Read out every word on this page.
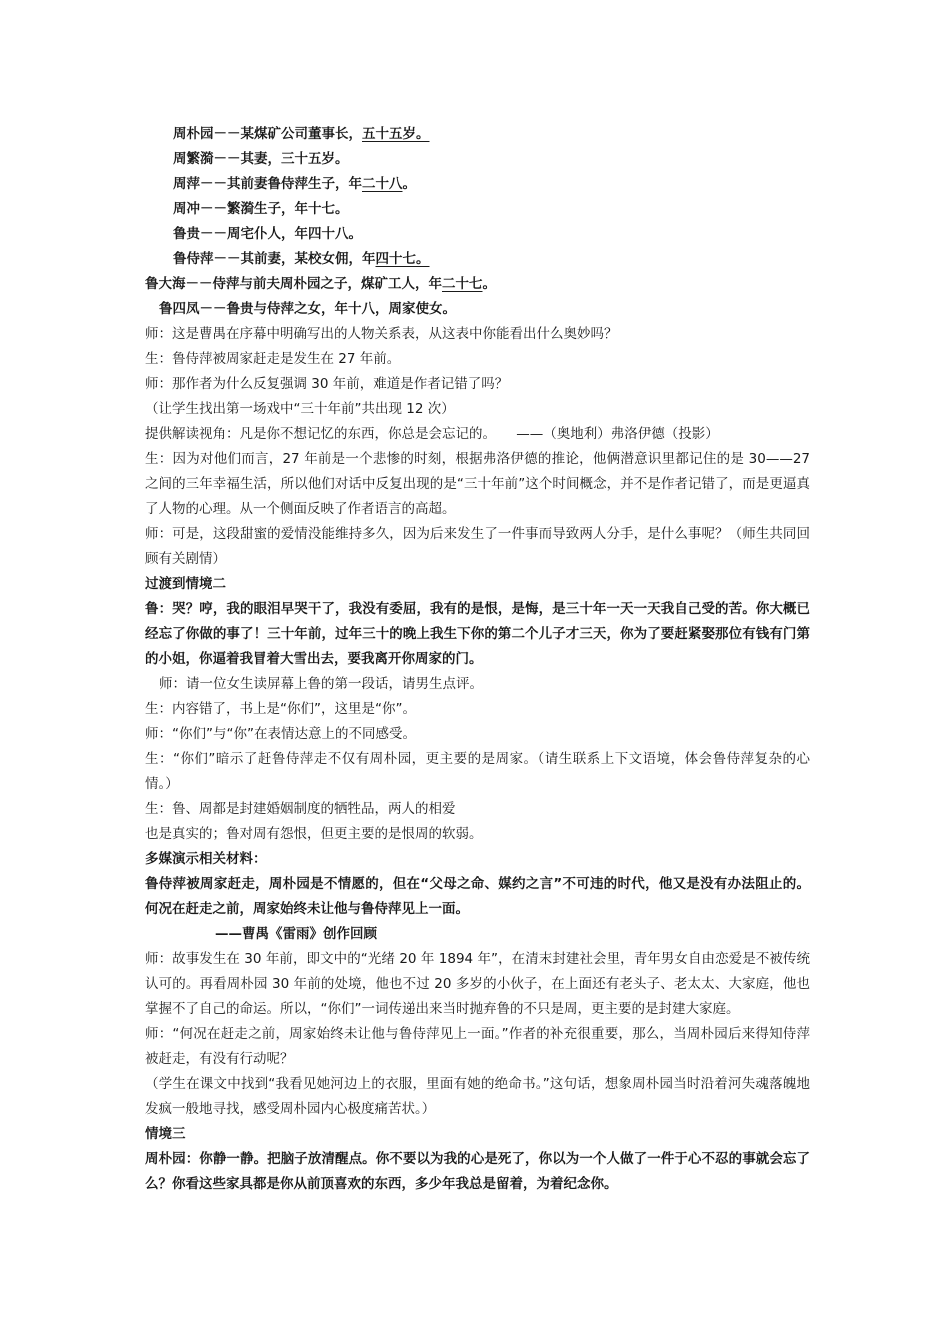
周朴园－－某煤矿公司董事长，五十五岁。

周繁漪－－其妻，三十五岁。

周萍－－其前妻鲁侍萍生子，年二十八。

周冲－－繁漪生子，年十七。

鲁贵－－周宅仆人，年四十八。

鲁侍萍－－其前妻，某校女佣，年四十七。

鲁大海－－侍萍与前夫周朴园之子，煤矿工人，年二十七。

鲁四凤－－鲁贵与侍萍之女，年十八，周家使女。

师：这是曹禺在序幕中明确写出的人物关系表，从这表中你能看出什么奥妙吗？

生：鲁侍萍被周家赶走是发生在 27 年前。

师：那作者为什么反复强调 30 年前，难道是作者记错了吗？

（让学生找出第一场戏中“三十年前”共出现 12 次）

提供解读视角：凡是你不想记忆的东西，你总是会忘记的。　　——（奥地利）弗洛伊德（投影）

生：因为对他们而言，27 年前是一个悲惨的时刻，根据弗洛伊德的推论，他俩潜意识里都记住的是 30——27 之间的三年幸福生活，所以他们对话中反复出现的是“三十年前”这个时间概念，并不是作者记错了，而是更逼真了人物的心理。从一个侧面反映了作者语言的高超。

师：可是，这段甜蜜的爱情没能维持多久，因为后来发生了一件事而导致两人分手，是什么事呢？（师生共同回顾有关剧情）

过渡到情境二

鲁：哭？哼，我的眼泪早哭干了，我没有委屈，我有的是恨，是悔，是三十年一天一天我自己受的苦。你大概已经忘了你做的事了！三十年前，过年三十的晚上我生下你的第二个儿子才三天，你为了要赶紧娶那位有钱有门第的小姐，你逼着我冒着大雪出去，要我离开你周家的门。

师：请一位女生读屏幕上鲁的第一段话，请男生点评。

生：内容错了，书上是“你们”，这里是“你”。

师：“你们”与“你”在表情达意上的不同感受。

生：“你们”暗示了赶鲁侍萍走不仅有周朴园，更主要的是周家。（请生联系上下文语境，体会鲁侍萍复杂的心情。）

生：鲁、周都是封建婚姻制度的牺牲品，两人的相爱

也是真实的；鲁对周有怨恨，但更主要的是恨周的软弱。

多媒演示相关材料：

鲁侍萍被周家赶走，周朴园是不情愿的，但在“父母之命、媒约之言”不可违的时代，他又是没有办法阻止的。何况在赶走之前，周家始终未让他与鲁侍萍见上一面。

——曹禺《雷雨》创作回顾

师：故事发生在 30 年前，即文中的“光绪 20 年 1894 年”，在清末封建社会里，青年男女自由恋爱是不被传统认可的。再看周朴园 30 年前的处境，他也不过 20 多岁的小伙子，在上面还有老头子、老太太、大家庭，他也掌握不了自己的命运。所以，“你们”一词传递出来当时抛弃鲁的不只是周，更主要的是封建大家庭。

师：“何况在赶走之前，周家始终未让他与鲁侍萍见上一面。”作者的补充很重要，那么，当周朴园后来得知侍萍被赶走，有没有行动呢？

（学生在课文中找到“我看见她河边上的衣服，里面有她的绝命书。”这句话，想象周朴园当时沿着河失魂落魄地发疯一般地寻找，感受周朴园内心极度痛苦状。）

情境三

周朴园：你静一静。把脑子放清醒点。你不要以为我的心是死了，你以为一个人做了一件于心不忍的事就会忘了么？你看这些家具都是你从前顶喜欢的东西，多少年我总是留着，为着纪念你。
